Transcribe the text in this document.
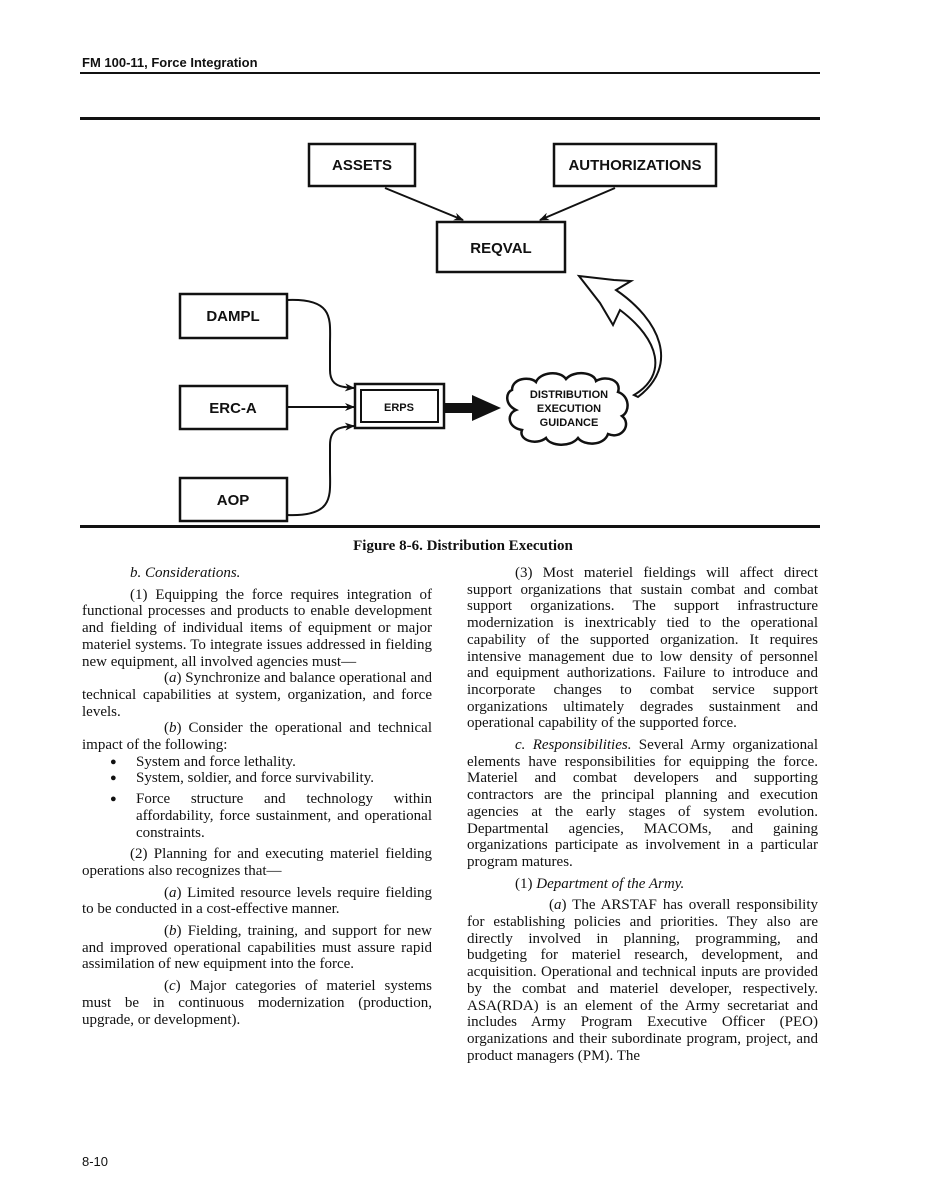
FM 100-11, Force Integration
ASSETS	AUTHORIZATIONS
REQVAL
DAMPL
ERC-A
AOP
ERPS
DISTRIBUTION
EXECUTION
GUIDANCE
Figure 8-6. Distribution Execution

b. Considerations.

(1) Equipping the force requires integration of functional processes and products to enable development and fielding of individual items of equipment or major materiel systems. To integrate issues addressed in fielding new equipment, all involved agencies must—

(a) Synchronize and balance operational and technical capabilities at system, organization, and force levels.

(b) Consider the operational and technical impact of the following:

● System and force lethality.
● System, soldier, and force survivability.
● Force structure and technology within affordability, force sustainment, and operational constraints.

(2) Planning for and executing materiel fielding operations also recognizes that—

(a) Limited resource levels require fielding to be conducted in a cost-effective manner.

(b) Fielding, training, and support for new and improved operational capabilities must assure rapid assimilation of new equipment into the force.

(c) Major categories of materiel systems must be in continuous modernization (production, upgrade, or development).

(3) Most materiel fieldings will affect direct support organizations that sustain combat and combat support organizations. The support infrastructure modernization is inextricably tied to the operational capability of the supported organization. It requires intensive management due to low density of personnel and equipment authorizations. Failure to introduce and incorporate changes to combat service support organizations ultimately degrades sustainment and operational capability of the supported force.

c. Responsibilities. Several Army organizational elements have responsibilities for equipping the force. Materiel and combat developers and supporting contractors are the principal planning and execution agencies at the early stages of system evolution. Departmental agencies, MACOMs, and gaining organizations participate as involvement in a particular program matures.

(1) Department of the Army.

(a) The ARSTAF has overall responsibility for establishing policies and priorities. They also are directly involved in planning, programming, and budgeting for materiel research, development, and acquisition. Operational and technical inputs are provided by the combat and materiel developer, respectively. ASA(RDA) is an element of the Army secretariat and includes Army Program Executive Officer (PEO) organizations and their subordinate program, project, and product managers (PM). The

8-10
